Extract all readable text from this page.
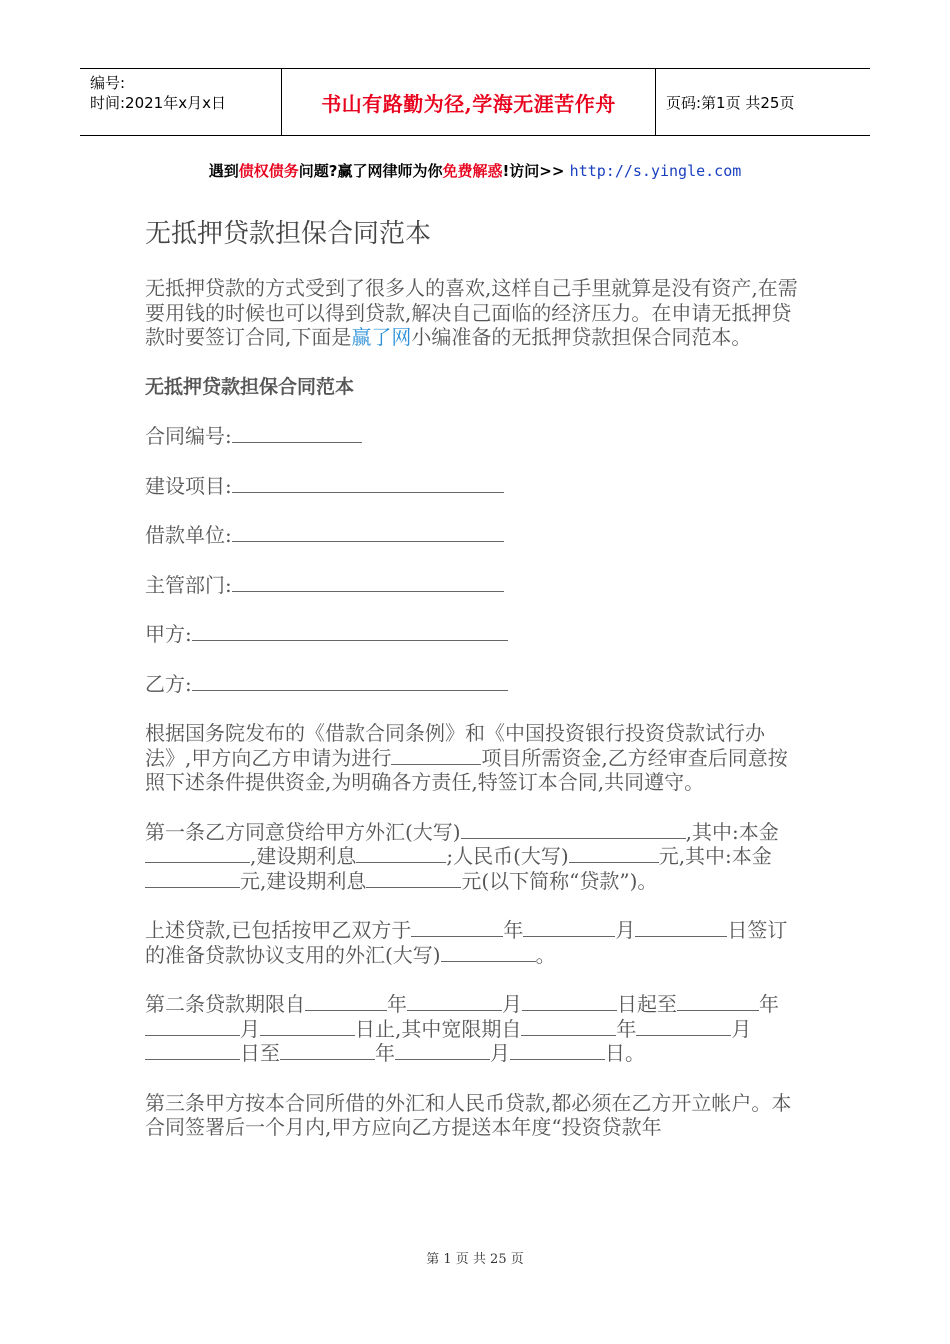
编号:
时间:2021年x月x日	书山有路勤为径,学海无涯苦作舟	页码:第1页 共25页
遇到债权债务问题?赢了网律师为你免费解惑!访问>> http://s.yingle.com
无抵押贷款担保合同范本

无抵押贷款的方式受到了很多人的喜欢,这样自己手里就算是没有资产,在需要用钱的时候也可以得到贷款,解决自己面临的经济压力。在申请无抵押贷款时要签订合同,下面是赢了网小编准备的无抵押贷款担保合同范本。

无抵押贷款担保合同范本
合同编号:
建设项目:
借款单位:
主管部门:
甲方:
乙方:

根据国务院发布的《借款合同条例》和《中国投资银行投资贷款试行办法》,甲方向乙方申请为进行	项目所需资金,乙方经审查后同意按照下述条件提供资金,为明确各方责任,特签订本合同,共同遵守。

第一条乙方同意贷给甲方外汇(大写)	,其中:本金,建设期利息	;人民币(大写)	元,其中:本金元,建设期利息	元(以下简称“贷款”)。

上述贷款,已包括按甲乙双方于	年	月	日签订的准备贷款协议支用的外汇(大写)	。

第二条贷款期限自	年	月	日起至	年月	日止,其中宽限期自	年	月日至	年	月	日。

第三条甲方按本合同所借的外汇和人民币贷款,都必须在乙方开立帐户。本合同签署后一个月内,甲方应向乙方提送本年度“投资贷款年

第 1 页 共 25 页
